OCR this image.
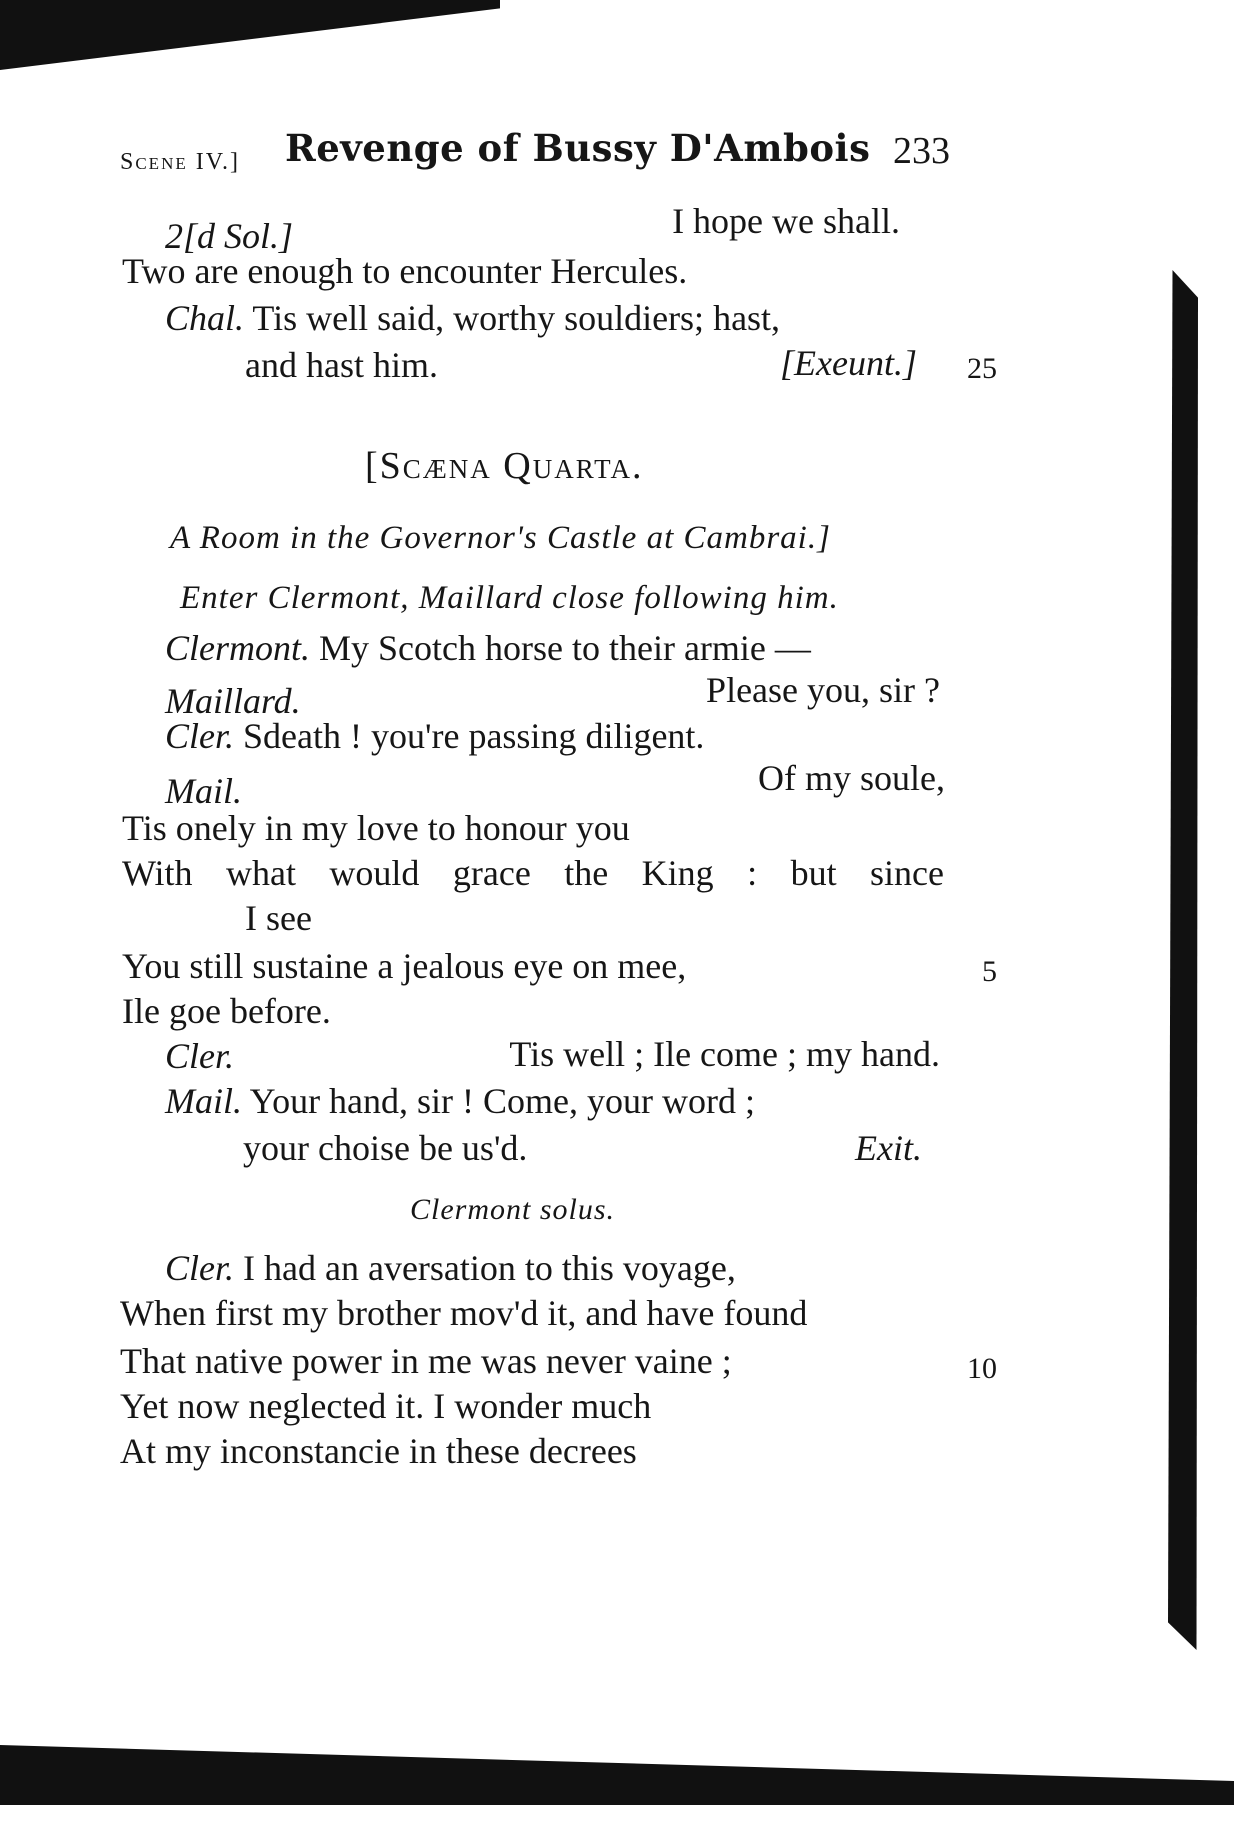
Scene IV.] Revenge of Bussy D'Ambois 233
2[d Sol.]	I hope we shall.
Two are enough to encounter Hercules.
Chal. Tis well said, worthy souldiers; hast,
and hast him.	[Exeunt.] 25
[Scæna Quarta.
A Room in the Governor's Castle at Cambrai.]
Enter Clermont, Maillard close following him.
Clermont. My Scotch horse to their armie —
Maillard.	Please you, sir ?
Cler. Sdeath ! you're passing diligent.
Mail.	Of my soule,
Tis onely in my love to honour you
With what would grace the King : but since
I see
You still sustaine a jealous eye on mee,	5
Ile goe before.
Cler.	Tis well ; Ile come ; my hand.
Mail. Your hand, sir ! Come, your word ;
your choise be us'd.	Exit.
Clermont solus.
Cler. I had an aversation to this voyage,
When first my brother mov'd it, and have found
That native power in me was never vaine ;	10
Yet now neglected it. I wonder much
At my inconstancie in these decrees
